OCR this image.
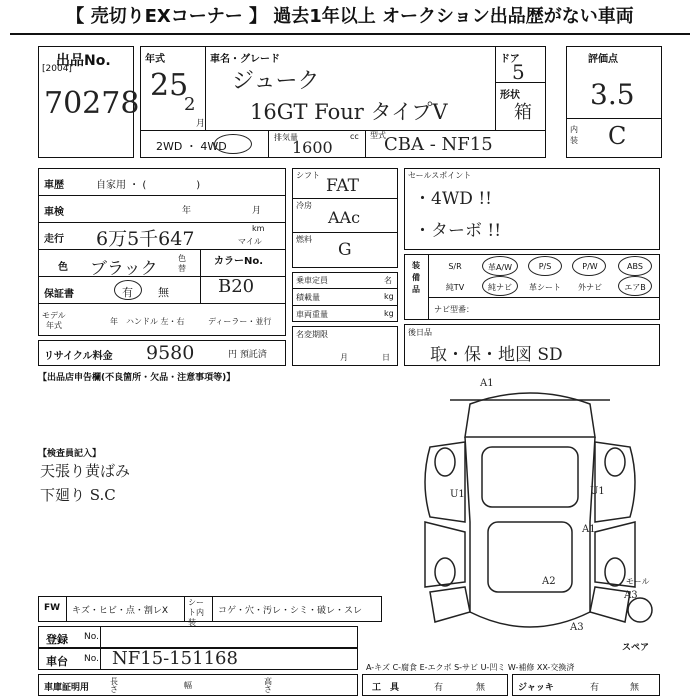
【 売切りEXコーナー 】 過去1年以上 オークション出品歴がない車両
出品No.
[2004]
70278
年式
25
2
月
車名・グレード
ジューク
16GT Four タイプV
ドア
5
形状
箱
2WD ・ 4WD
排気量	cc
1600
型式
CBA - NF15
評価点
3.5
内装 C
車歴	自家用 ・ (　　　　　)
車検	年	月
走行 6万5千647	km
マイル
色 ブラック
色替
カラーNo.
B20
保証書	有 無
モデル
年式	年 ハンドル 左・右	ディーラー・並行
リサイクル料金 9580	円 預託済
シフト
FAT
冷房
AAc
燃料
G
乗車定員	名
積載量	kg
車両重量	kg
名変期限
月	日
セールスポイント
・4WD !!
・ターボ !!
装備品
S/R	革A/W	P/S	P/W	ABS
純TV	純ナビ	革シート	外ナビ	エアB
ナビ型番：
後日品
取・保・地図 SD
【出品店申告欄(不良箇所・欠品・注意事項等)】
【検査員記入】
天張り黄ばみ
下廻り S.C
A1
U1	U1
A1
A2
A3
A3
モール
スペア
FW キズ・ヒビ・点・割レX
シート内装
コゲ・穴・汚レ・シミ・破レ・スレ
登録 No.
車台 No. NF15-151168
車庫証明用
長さ	幅	高さ
A-キズ C-腐食 E-エクボ S-サビ U-凹ミ W-補修 XX-交換済
工　具	有	無	ジャッキ	有	無
